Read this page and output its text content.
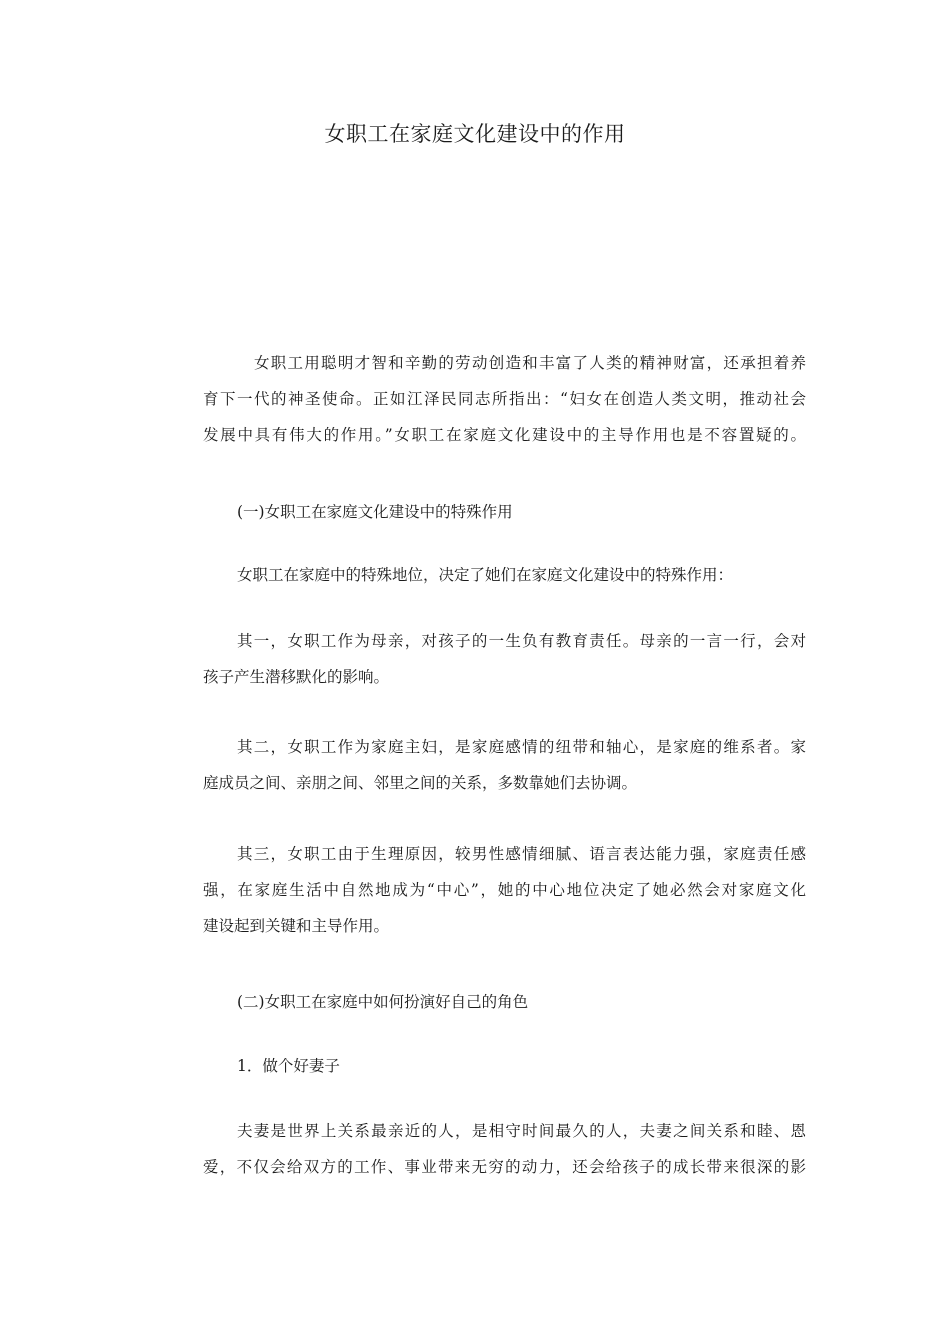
女职工在家庭文化建设中的作用
女职工用聪明才智和辛勤的劳动创造和丰富了人类的精神财富，还承担着养
育下一代的神圣使命。正如江泽民同志所指出：“妇女在创造人类文明，推动社会
发展中具有伟大的作用。”女职工在家庭文化建设中的主导作用也是不容置疑的。
(一)女职工在家庭文化建设中的特殊作用
女职工在家庭中的特殊地位，决定了她们在家庭文化建设中的特殊作用：
其一，女职工作为母亲，对孩子的一生负有教育责任。母亲的一言一行，会对
孩子产生潜移默化的影响。
其二，女职工作为家庭主妇，是家庭感情的纽带和轴心，是家庭的维系者。家
庭成员之间、亲朋之间、邻里之间的关系，多数靠她们去协调。
其三，女职工由于生理原因，较男性感情细腻、语言表达能力强，家庭责任感
强，在家庭生活中自然地成为“中心”，她的中心地位决定了她必然会对家庭文化
建设起到关键和主导作用。
(二)女职工在家庭中如何扮演好自己的角色
1．做个好妻子
夫妻是世界上关系最亲近的人，是相守时间最久的人，夫妻之间关系和睦、恩
爱，不仅会给双方的工作、事业带来无穷的动力，还会给孩子的成长带来很深的影
